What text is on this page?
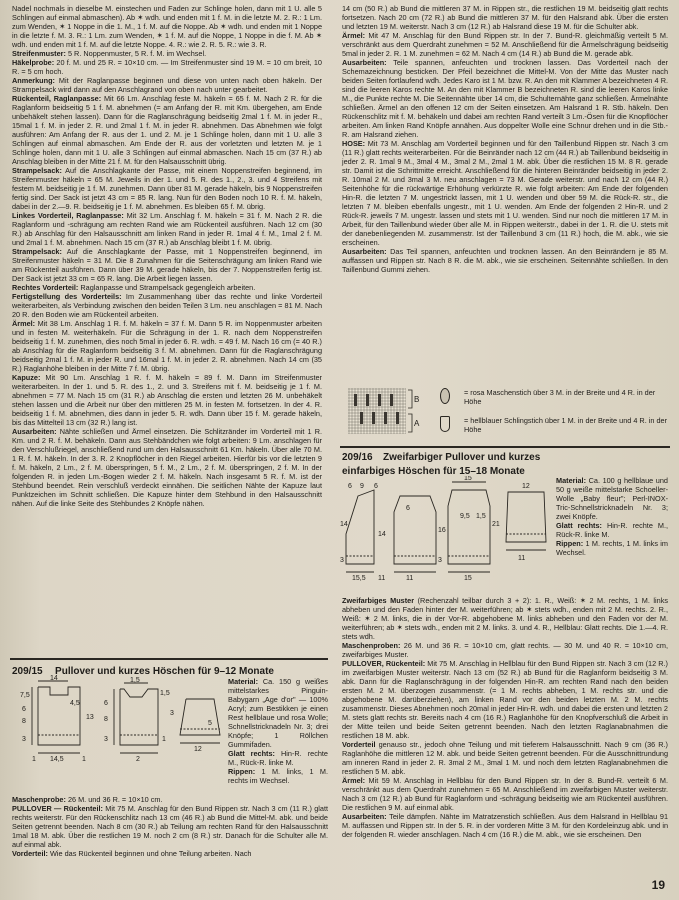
Nadel nochmals in dieselbe M. einstechen und Faden zur Schlinge holen, dann mit 1 U. alle 5 Schlingen auf einmal abmaschen). Ab ✶ wdh. und enden mit 1 f. M. in die letzte M. 2. R.: 1 Lm. zum Wenden, ✶ 1 Noppe in die 1. M., 1 f. M. auf die Noppe. Ab ✶ wdh. und enden mit 1 Noppe in die letzte f. M. 3. R.: 1 Lm. zum Wenden, ✶ 1 f. M. auf die Noppe, 1 Noppe in die f. M. Ab ✶ wdh. und enden mit 1 f. M. auf die letzte Noppe. 4. R.: wie 2. R. 5. R.: wie 3. R.

Streifenmuster: 5 R. Noppenmuster, 5 R. f. M. im Wechsel.

Häkelprobe: 20 f. M. und 25 R. = 10×10 cm. — Im Streifenmuster sind 19 M. = 10 cm breit, 10 R. = 5 cm hoch.

Anmerkung: Mit der Raglanpasse beginnen und diese von unten nach oben häkeln. Der Strampelsack wird dann auf den Anschlagrand von oben nach unter gearbeitet.

Rückenteil, Raglanpasse: Mit 66 Lm. Anschlag feste M. häkeln = 65 f. M. Nach 2 R. für die Raglanform beidseitig 5 1 f. M. abnehmen (= am Anfang der R. mit Km. übergehen, am Ende unbehäkelt stehen lassen). Dann für die Raglanschrägung beidseitig 2mal 1 f. M. in jeder R., 15mal 1 f. M. in jeder 2. R. und 2mal 1 f. M. in jeder R. abnehmen. Das Abnehmen wie folgt ausführen: Am Anfang der R. aus der 1. und 2. M. je 1 Schlinge holen, dann mit 1 U. alle 3 Schlingen auf einmal abmaschen. Am Ende der R. aus der vorletzten und letzten M. je 1 Schlinge holen, dann mit 1 U. alle 3 Schlingen auf einmal abmaschen. Nach 15 cm (37 R.) ab Anschlag bleiben in der Mitte 21 f. M. für den Halsausschnitt übrig.

Strampelsack: Auf die Anschlagkante der Passe, mit einem Noppenstreifen beginnend, im Streifenmuster häkeln = 65 M. Jeweils in der 1. und 5. R. des 1., 2., 3. und 4 Streifens mit festem M. beidseitig je 1 f. M. zunehmen. Dann über 81 M. gerade häkeln, bis 9 Noppenstreifen fertig sind. Der Sack ist jetzt 43 cm = 85 R. lang. Nun für den Boden noch 10 R. f. M. häkeln, dabei in der 2.—9. R. beidseitig je 1 f. M. abnehmen. Es bleiben 65 f. M. übrig.

Linkes Vorderteil, Raglanpasse: Mit 32 Lm. Anschlag f. M. häkeln = 31 f. M. Nach 2 R. die Raglanform und -schrägung am rechten Rand wie am Rückenteil ausführen. Nach 12 cm (30 R.) ab Anschlag für den Halsausschnitt am linken Rand in jeder R. 1mal 4 f. M., 1mal 2 f. M. und 2mal 1 f. M. abnehmen. Nach 15 cm (37 R.) ab Anschlag bleibt 1 f. M. übrig.

Strampelsack: Auf die Anschlagkante der Passe, mit 1 Noppenstreifen beginnend, im Streifenmuster häkeln = 31 M. Die 8 Zunahmen für die Seitenschrägung am linken Rand wie am Rückenteil ausführen. Dann über 39 M. gerade häkeln, bis der 7. Noppenstreifen fertig ist. Der Sack ist jetzt 33 cm = 65 R. lang. Die Arbeit liegen lassen.

Rechtes Vorderteil: Raglanpasse und Strampelsack gegengleich arbeiten.

Fertigstellung des Vorderteils: Im Zusammenhang über das rechte und linke Vorderteil weiterarbeiten, als Verbindung zwischen den beiden Teilen 3 Lm. neu anschlagen = 81 M. Nach 20 R. den Boden wie am Rückenteil arbeiten.

Ärmel: Mit 38 Lm. Anschlag 1 R. f. M. häkeln = 37 f. M. Dann 5 R. im Noppenmuster arbeiten und in festen M. weiterhäkeln. Für die Schrägung in der 1. R. nach dem Noppenstreifen beidseitig 1 f. M. zunehmen, dies noch 5mal in jeder 6. R. wdh. = 49 f. M. Nach 16 cm (= 40 R.) ab Anschlag für die Raglanform beidseitig 3 f. M. abnehmen. Dann für die Raglanschrägung beidseitig 2mal 1 f. M. in jeder R. und 16mal 1 f. M. in jeder 2. R. abnehmen. Nach 14 cm (35 R.) Raglanhöhe bleiben in der Mitte 7 f. M. übrig.

Kapuze: Mit 90 Lm. Anschlag 1 R. f. M. häkeln = 89 f. M. Dann im Streifenmuster weiterarbeiten. In der 1. und 5. R. des 1., 2. und 3. Streifens mit f. M. beidseitig je 1 f. M. abnehmen = 77 M. Nach 15 cm (31 R.) ab Anschlag die ersten und letzten 26 M. unbehäkelt stehen lassen und die Arbeit nur über den mittleren 25 M. in festen M. fortsetzen. In der 4. R. beidseitig 1 f. M. abnehmen, dies dann in jeder 5. R. wdh. Dann über 15 f. M. gerade häkeln, bis das Mittelteil 13 cm (32 R.) lang ist.

Ausarbeiten: Nähte schließen und Ärmel einsetzen. Die Schlitzränder im Vorderteil mit 1 R. Km. und 2 R. f. M. behäkeln. Dann aus Stehbändchen wie folgt arbeiten: 9 Lm. anschlagen für den Verschlußriegel, anschließend rund um den Halsausschnitt 61 Km. häkeln. Über alle 70 M. 1 R. f. M. häkeln. In der 3. R. 2 Knopflöcher in den Riegel arbeiten. Hierfür bis vor die letzten 9 f. M. häkeln, 2 Lm., 2 f. M. überspringen, 5 f. M., 2 Lm., 2 f. M. überspringen, 2 f. M. In der folgenden R. in jeden Lm.-Bogen wieder 2 f. M. häkeln. Nach insgesamt 5 R. f. M. ist der Stehbund beendet. Rein verschluß verdeckt einnähen. Die seitlichen Nähte der Kapuze laut Punktzeichen im Schnitt schließen. Die Kapuze hinter dem Stehbund in den Halsausschnitt nähen. Auf die linke Seite des Stehbundes 2 Knöpfe nähen.

209/15 Pullover und kurzes Höschen für 9–12 Monate
14
7,5
6
8
3
13
1 14,5	1
4,5
1,5
6
8
1,5
3
3
1
12
2
5

Material: Ca. 150 g weißes mittelstarkes Pinguin-Babygarn „Age d'or" — 100% Acryl; zum Bestikken je einen Rest hellblaue und rosa Wolle; Schnellstricknadeln Nr. 3; drei Knöpfe; 1 Röllchen Gummifaden.

Glatt rechts: Hin-R. rechte M., Rück-R. linke M.

Rippen: 1 M. links, 1 M. rechts im Wechsel.

Maschenprobe: 26 M. und 36 R. = 10×10 cm.

PULLOVER — Rückenteil: Mit 75 M. Anschlag für den Bund Rippen str. Nach 3 cm (11 R.) glatt rechts weiterstr. Für den Rückenschlitz nach 13 cm (46 R.) ab Bund die Mittel-M. abk. und beide Seiten getrennt beenden. Nach 8 cm (30 R.) ab Teilung am rechten Rand für den Halsausschnitt 1mal 18 M. abk. Über die restlichen 19 M. noch 2 cm (8 R.) str. Danach für die Schulter alle M. auf einmal abk.

Vorderteil: Wie das Rückenteil beginnen und ohne Teilung arbeiten. Nach

14 cm (50 R.) ab Bund die mittleren 37 M. in Rippen str., die restlichen 19 M. beidseitig glatt rechts fortsetzen. Nach 20 cm (72 R.) ab Bund die mittleren 37 M. für den Halsrand abk. Über die ersten und letzten 19 M. weiterstr. Nach 3 cm (12 R.) ab Halsrand diese 19 M. für die Schulter abk.

Ärmel: Mit 47 M. Anschlag für den Bund Rippen str. In der 7. Bund-R. gleichmäßig verteilt 5 M. verschränkt aus dem Querdraht zunehmen = 52 M. Anschließend für die Ärmelschrägung beidseitig 5mal in jeder 2. R. 1 M. zunehmen = 62 M. Nach 4 cm (14 R.) ab Bund die M. gerade abk.

Ausarbeiten: Teile spannen, anfeuchten und trocknen lassen. Das Vorderteil nach der Schemazeichnung besticken. Der Pfeil bezeichnet die Mittel-M. Von der Mitte das Muster nach beiden Seiten fortlaufend wdh. Jedes Karo ist 1 M. bzw. R. An den mit Klammer A bezeichneten 4 R. sind die leeren Karos rechte M. An den mit Klammer B bezeichneten R. sind die leeren Karos linke M., die Punkte rechte M. Die Seitennähte über 14 cm, die Schulternähte ganz schließen. Ärmelnähte schließen. Ärmel an den offenen 12 cm der Seiten einsetzen. Am Halsrand 1 R. Stb. häkeln. Den Rückenschlitz mit f. M. behäkeln und dabei am rechten Rand verteilt 3 Lm.-Ösen für die Knopflöcher arbeiten. Am linken Rand Knöpfe annähen. Aus doppelter Wolle eine Schnur drehen und in die Stb.-R. am Halsrand ziehen.

HOSE: Mit 73 M. Anschlag am Vorderteil beginnen und für den Taillenbund Rippen str. Nach 3 cm (11 R.) glatt rechts weiterarbeiten. Für die Beinränder nach 12 cm (44 R.) ab Taillenbund beidseitig in jeder 2. R. 1mal 9 M., 3mal 4 M., 3mal 2 M., 2mal 1 M. abk. Über die restlichen 15 M. 8 R. gerade str. Damit ist die Schrittmitte erreicht. Anschließend für die hinteren Beinränder beidseitig in jeder 2. R. 10mal 2 M. und 3mal 3 M. neu anschlagen = 73 M. Gerade weiterstr. und nach 12 cm (44 R.) Seitenhöhe für die rückwärtige Erhöhung verkürzte R. wie folgt arbeiten: Am Ende der folgenden Hin-R. die letzten 7 M. ungestrickt lassen, mit 1 U. wenden und über 59 M. die Rück-R. str., die letzten 7 M. bleiben ebenfalls ungestr., mit 1 U. wenden. Am Ende der folgenden 2 Hin-R. und 2 Rück-R. jeweils 7 M. ungestr. lassen und stets mit 1 U. wenden. Sind nur noch die mittleren 17 M. in Arbeit, für den Taillenbund wieder über alle M. in Rippen weiterstr., dabei in der 1. R. die U. stets mit der danebenliegenden M. zusammenstr. Ist der Taillenbund 3 cm (11 R.) hoch, die M. abk., wie sie erscheinen.

Ausarbeiten: Das Teil spannen, anfeuchten und trocknen lassen. An den Beinrändern je 85 M. auffassen und Rippen str. Nach 8 R. die M. abk., wie sie erscheinen. Seitennähte schließen. In den Taillenbund Gummi ziehen.

B
A
= rosa Maschenstich über 3 M. in der Breite und 4 R. in der Höhe
= hellblauer Schlingstich über 1 M. in der Breite und 4 R. in der Höhe
209/16 Zweifarbiger Pullover und kurzes einfarbiges Höschen für 15–18 Monate
6 9 6
14
3
14
16
15
6
21
9,5
3
1,5
12
11
15,5	11	15
11

Material: Ca. 100 g hellblaue und 50 g weiße mittelstarke Schoeller-Wolle „Baby fleur"; Perl-INOX-Tric-Schnellstricknadeln Nr. 3; zwei Knöpfe.

Glatt rechts: Hin-R. rechte M., Rück-R. linke M.

Rippen: 1 M. rechts, 1 M. links im Wechsel.

Zweifarbiges Muster (Rechenzahl teilbar durch 3 + 2): 1. R., Weiß: ✶ 2 M. rechts, 1 M. links abheben und den Faden hinter der M. weiterführen; ab ✶ stets wdh., enden mit 2 M. rechts. 2. R., Weiß: ✶ 2 M. links, die in der Vor-R. abgehobene M. links abheben und den Faden vor der M. weiterführen; ab ✶ stets wdh., enden mit 2 M. links. 3. und 4. R., Hellblau: Glatt rechts. Die 1.—4. R. stets wdh.

Maschenproben: 26 M. und 36 R. = 10×10 cm, glatt rechts. — 30 M. und 40 R. = 10×10 cm, zweifarbiges Muster.

PULLOVER, Rückenteil: Mit 75 M. Anschlag in Hellblau für den Bund Rippen str. Nach 3 cm (12 R.) im zweifarbigen Muster weiterstr. Nach 13 cm (52 R.) ab Bund für die Raglanform beidseitig 3 M. abk. Dann für die Raglanschrägung in der folgenden Hin-R. am rechten Rand nach den beiden ersten M. 2 M. überzogen zusammenstr. (= 1 M. rechts abheben, 1 M. rechts str. und die abgehobene M. darüberziehen), am linken Rand vor den beiden letzten M. 2 M. rechts zusammenstr. Dieses Abnehmen noch 20mal in jeder Hin-R. wdh. und dabei die ersten und letzten 2 M. stets glatt rechts str. Bereits nach 4 cm (16 R.) Raglanhöhe für den Knopfverschluß die Arbeit in der Mitte teilen und beide Seiten getrennt beenden. Nach den letzten Raglanabnahmen die restlichen 18 M. abk.

Vorderteil genauso str., jedoch ohne Teilung und mit tieferem Halsausschnitt. Nach 9 cm (36 R.) Raglanhöhe die mittleren 12 M. abk. und beide Seiten getrennt beenden. Für die Ausschnittrundung am inneren Rand in jeder 2. R. 3mal 2 M., 3mal 1 M. und noch dem letzten Raglanabnehmen die restlichen 5 M. abk.

Ärmel: Mit 59 M. Anschlag in Hellblau für den Bund Rippen str. In der 8. Bund-R. verteilt 6 M. verschränkt aus dem Querdraht zunehmen = 65 M. Anschließend im zweifarbigen Muster weiterstr. Nach 3 cm (12 R.) ab Bund für Raglanform und -schrägung beidseitig wie am Rückenteil ausführen. Die restlichen 9 M. auf einmal abk.

Ausarbeiten: Teile dämpfen. Nähte im Matratzenstich schließen. Aus dem Halsrand in Hellblau 91 M. auffassen und Rippen str. In der 5. R. in der vorderen Mitte 3 M. für den Kordeleinzug abk. und in der folgenden R. wieder anschlagen. Nach 4 cm (16 R.) die M. abk., wie sie erscheinen. Den

19
